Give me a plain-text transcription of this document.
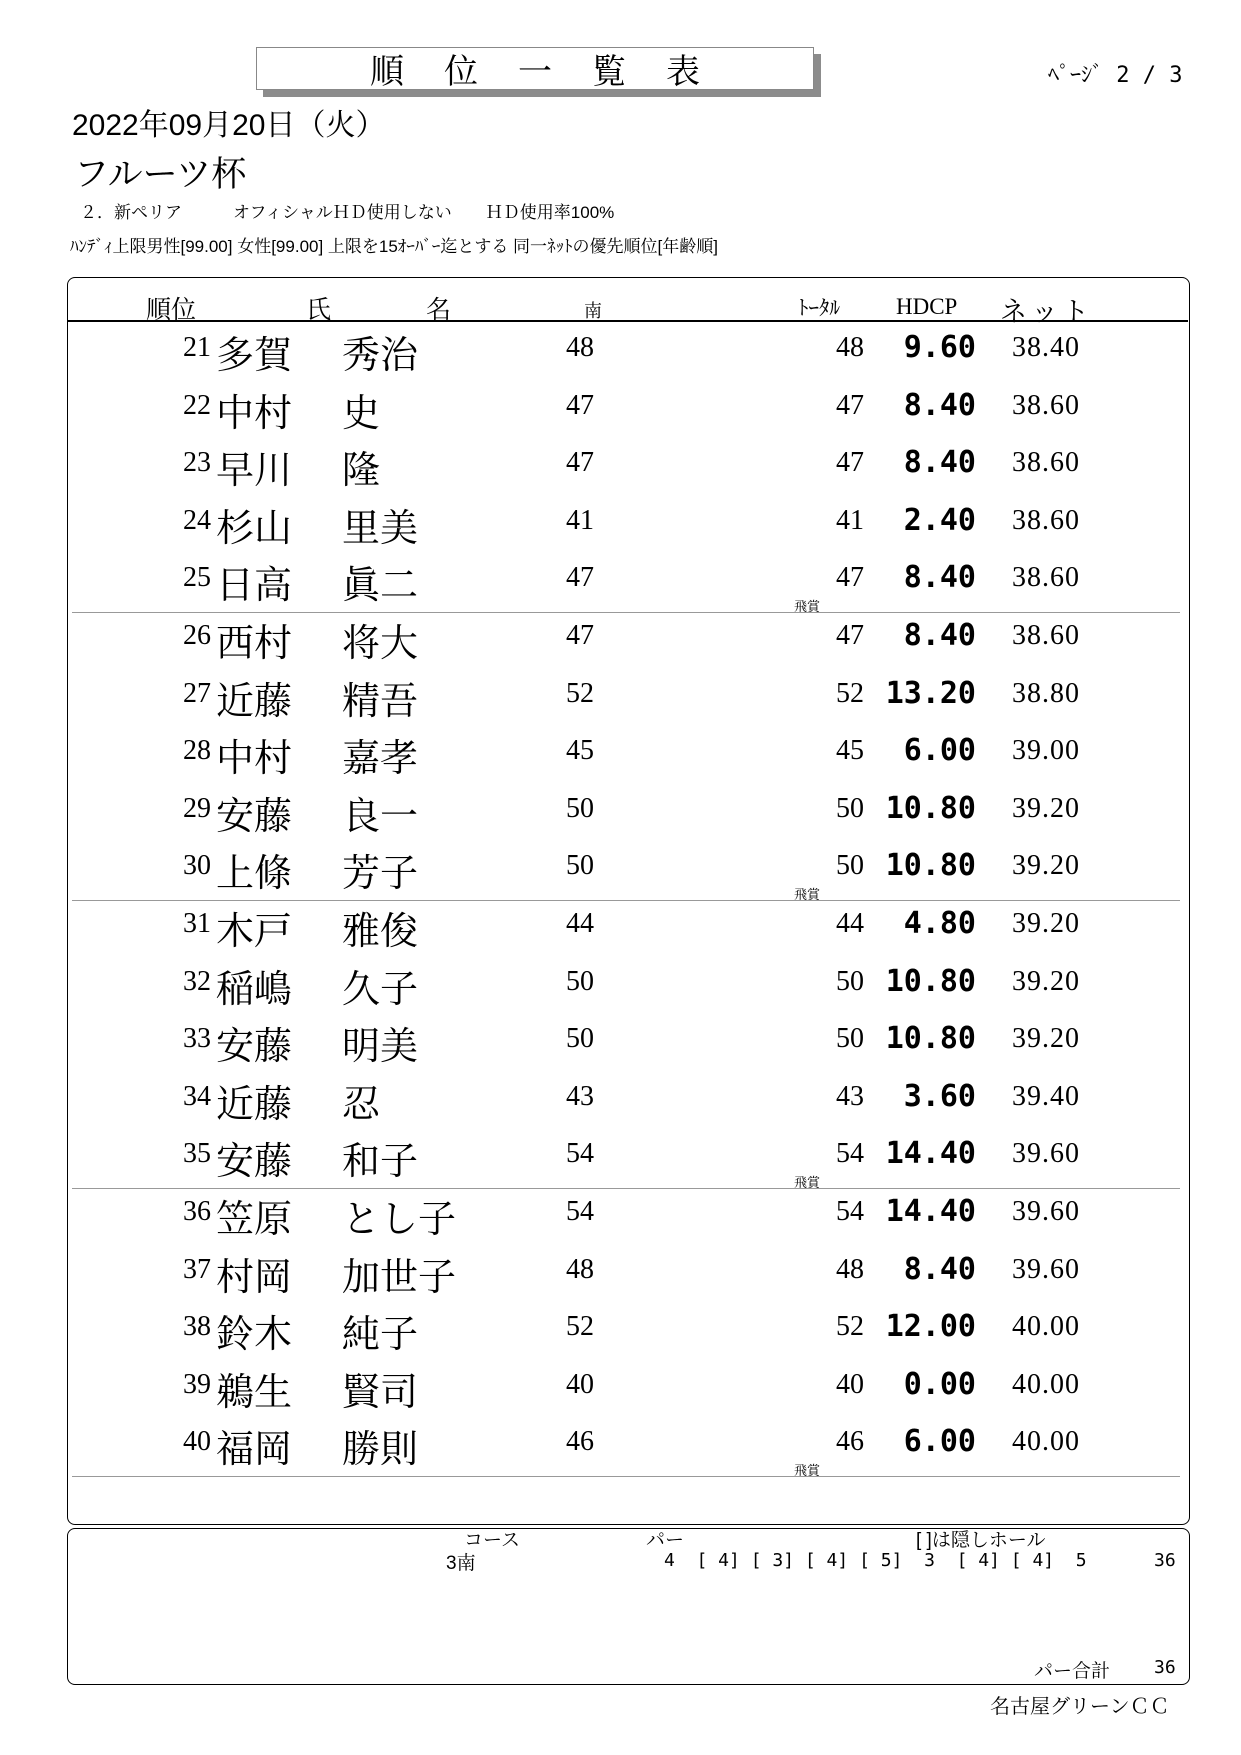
順位一覧表	ﾍﾟｰｼﾞ 2 / 3
2022年09月20日（火）
フルーツ杯
２．新ペリア　　　オフィシャルＨＤ使用しない　　ＨＤ使用率100%
ﾊﾝﾃﾞｨ上限男性[99.00] 女性[99.00] 上限を15ｵｰﾊﾞｰ迄とする 同一ﾈｯﾄの優先順位[年齢順]
順位	氏	名	南	ﾄｰﾀﾙ HDCP ネット
21 多賀 秀治	48	48	9.60 38.40
22 中村 史	47	47	8.40 38.60
23 早川 隆	47	47	8.40 38.60
24 杉山 里美	41	41	2.40 38.60
25 日高 眞二	47	47	8.40 38.60
飛賞
26 西村 将大	47	47	8.40 38.60
27 近藤 精吾	52	52 13.20 38.80
28 中村 嘉孝	45	45	6.00 39.00
29 安藤 良一	50	50 10.80 39.20
30 上條 芳子	50	50 10.80 39.20
飛賞
31 木戸 雅俊	44	44	4.80 39.20
32 稲嶋 久子	50	50 10.80 39.20
33 安藤 明美	50	50 10.80 39.20
34 近藤 忍	43	43	3.60 39.40
35 安藤 和子	54	54 14.40 39.60
飛賞
36 笠原 とし子	54	54 14.40 39.60
37 村岡 加世子	48	48	8.40 39.60
38 鈴木 純子	52	52 12.00 40.00
39 鵜生 賢司	40	40	0.00 40.00
40 福岡 勝則	46	46	6.00 40.00
飛賞
コース	パー	[ ]は隠しホール
3南	4  [ 4] [ 3] [ 4] [ 5]  3  [ 4] [ 4]  5	36
パー合計 36
名古屋グリーンＣＣ
